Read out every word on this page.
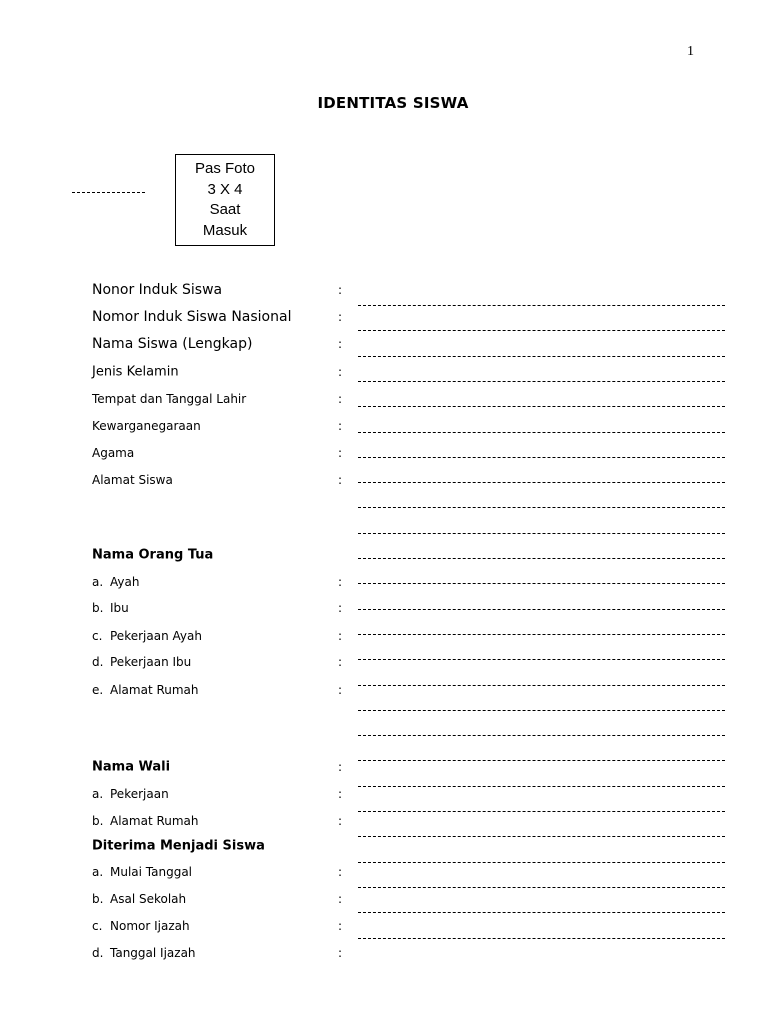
1
IDENTITAS SISWA
Pas Foto
3 X 4
Saat
Masuk
Nonor Induk Siswa	:
Nomor Induk Siswa Nasional	:
Nama Siswa (Lengkap)	:
Jenis Kelamin	:
Tempat dan Tanggal Lahir	:
Kewarganegaraan	:
Agama	:
Alamat Siswa	:
Nama Orang Tua
a. Ayah	:
b. Ibu	:
c. Pekerjaan Ayah	:
d. Pekerjaan Ibu	:
e. Alamat Rumah	:
Nama Wali	:
a. Pekerjaan	:
b. Alamat Rumah	:
Diterima Menjadi Siswa
a. Mulai Tanggal	:
b. Asal Sekolah	:
c. Nomor Ijazah	:
d. Tanggal Ijazah	:
